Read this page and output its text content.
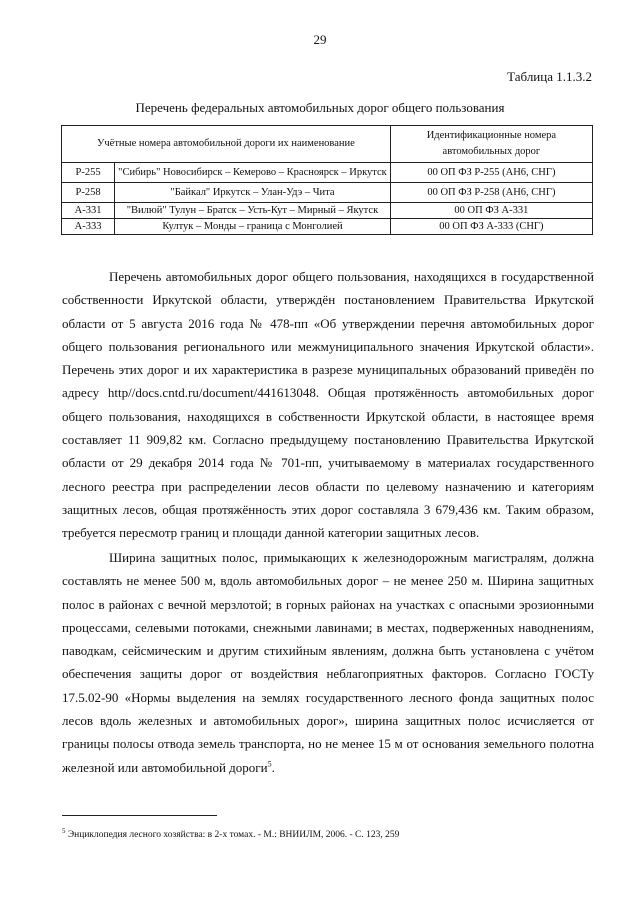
29
Таблица 1.1.3.2
Перечень федеральных автомобильных дорог общего пользования
Учётные номера автомобильной дороги их наименование		Идентификационные номера автомобильных дорог
Р-255	"Сибирь" Новосибирск – Кемерово – Красноярск – Иркутск	00 ОП ФЗ Р-255 (АН6, СНГ)
Р-258	"Байкал" Иркутск – Улан-Удэ – Чита	00 ОП ФЗ Р-258 (АН6, СНГ)
А-331	"Вилюй" Тулун – Братск – Усть-Кут – Мирный – Якутск	00 ОП ФЗ А-331
А-333	Култук – Монды – граница с Монголией	00 ОП ФЗ А-333 (СНГ)

Перечень автомобильных дорог общего пользования, находящихся в государственной собственности Иркутской области, утверждён постановлением Правительства Иркутской области от 5 августа 2016 года № 478-пп «Об утверждении перечня автомобильных дорог общего пользования регионального или межмуниципального значения Иркутской области». Перечень этих дорог и их характеристика в разрезе муниципальных образований приведён по адресу http//docs.cntd.ru/document/441613048. Общая протяжённость автомобильных дорог общего пользования, находящихся в собственности Иркутской области, в настоящее время составляет 11 909,82 км. Согласно предыдущему постановлению Правительства Иркутской области от 29 декабря 2014 года № 701-пп, учитываемому в материалах государственного лесного реестра при распределении лесов области по целевому назначению и категориям защитных лесов, общая протяжённость этих дорог составляла 3 679,436 км. Таким образом, требуется пересмотр границ и площади данной категории защитных лесов.

Ширина защитных полос, примыкающих к железнодорожным магистралям, должна составлять не менее 500 м, вдоль автомобильных дорог – не менее 250 м. Ширина защитных полос в районах с вечной мерзлотой; в горных районах на участках с опасными эрозионными процессами, селевыми потоками, снежными лавинами; в местах, подверженных наводнениям, паводкам, сейсмическим и другим стихийным явлениям, должна быть установлена с учётом обеспечения защиты дорог от воздействия неблагоприятных факторов. Согласно ГОСТу 17.5.02-90 «Нормы выделения на землях государственного лесного фонда защитных полос лесов вдоль железных и автомобильных дорог», ширина защитных полос исчисляется от границы полосы отвода земель транспорта, но не менее 15 м от основания земельного полотна железной или автомобильной дороги$^5$.

$^5$ Энциклопедия лесного хозяйства: в 2-х томах. - М.: ВНИИЛМ, 2006. - С. 123, 259
